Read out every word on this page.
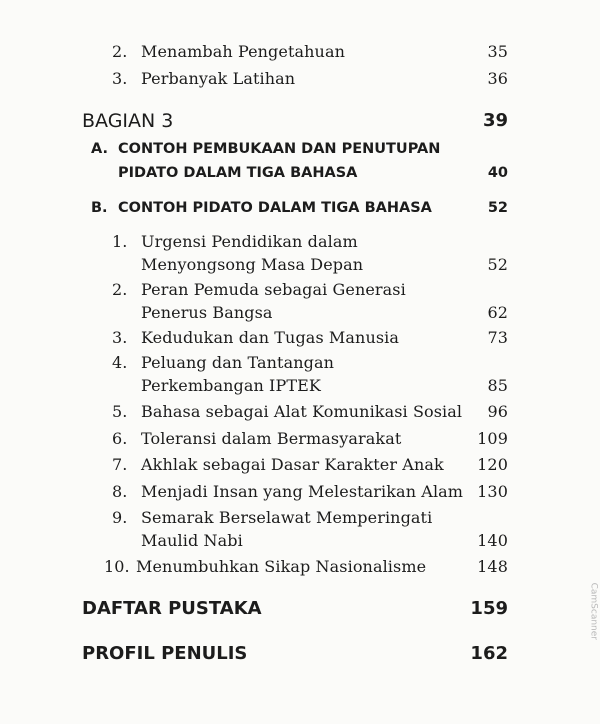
2. Menambah Pengetahuan	35
3. Perbanyak Latihan	36
BAGIAN 3	39
A. CONTOH PEMBUKAAN DAN PENUTUPAN
PIDATO DALAM TIGA BAHASA	40
B. CONTOH PIDATO DALAM TIGA BAHASA	52
1. Urgensi Pendidikan dalam
Menyongsong Masa Depan	52
2. Peran Pemuda sebagai Generasi
Penerus Bangsa	62
3. Kedudukan dan Tugas Manusia	73
4. Peluang dan Tantangan
Perkembangan IPTEK	85
5. Bahasa sebagai Alat Komunikasi Sosial 96
6. Toleransi dalam Bermasyarakat	109
7. Akhlak sebagai Dasar Karakter Anak 120
8. Menjadi Insan yang Melestarikan Alam 130
9. Semarak Berselawat Memperingati
Maulid Nabi	140
10. Menumbuhkan Sikap Nasionalisme	148
DAFTAR PUSTAKA	159
PROFIL PENULIS	162
CamScanner
